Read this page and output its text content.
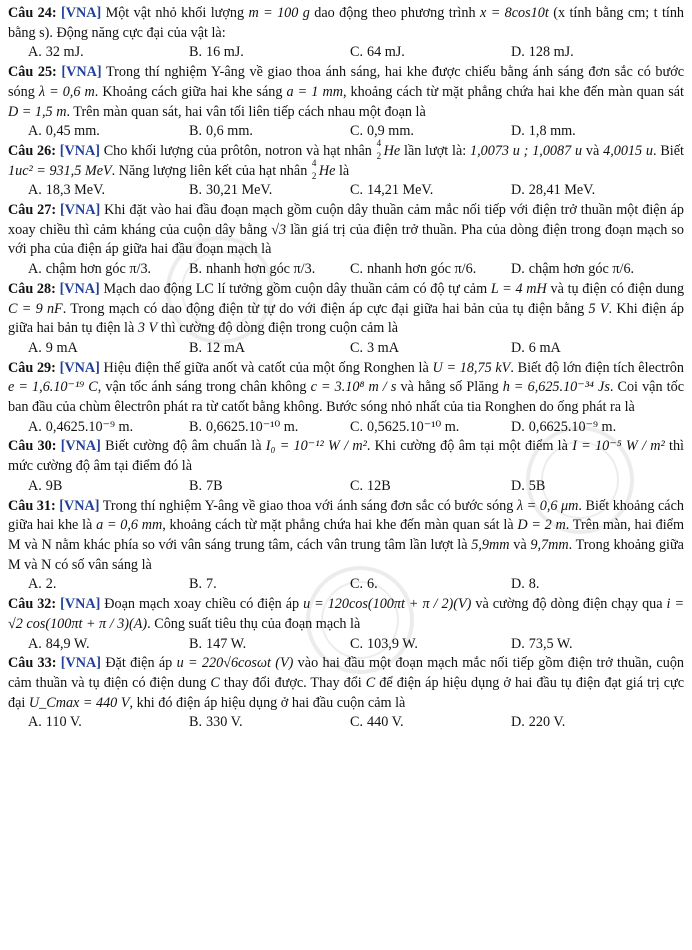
Câu 24: [VNA] Một vật nhỏ khối lượng m = 100 g dao động theo phương trình x = 8cos10t (x tính bằng cm; t tính bằng s). Động năng cực đại của vật là:

A. 32 mJ.	B. 16 mJ.	C. 64 mJ.	D. 128 mJ.

Câu 25: [VNA] Trong thí nghiệm Y-âng về giao thoa ánh sáng, hai khe được chiếu bằng ánh sáng đơn sắc có bước sóng λ = 0,6 m. Khoảng cách giữa hai khe sáng a = 1 mm, khoảng cách từ mặt phẳng chứa hai khe đến màn quan sát D = 1,5 m. Trên màn quan sát, hai vân tối liên tiếp cách nhau một đoạn là

A. 0,45 mm.	B. 0,6 mm.	C. 0,9 mm.	D. 1,8 mm.

Câu 26: [VNA] Cho khối lượng của prôtôn, notron và hạt nhân 4
2 He lần lượt là: 1,0073 u ; 1,0087 u và 4,0015 u. Biết 1uc² = 931,5 MeV. Năng lượng liên kết của hạt nhân 4
2 He là

A. 18,3 MeV.	B. 30,21 MeV.	C. 14,21 MeV.	D. 28,41 MeV.

Câu 27: [VNA] Khi đặt vào hai đầu đoạn mạch gồm cuộn dây thuần cảm mắc nối tiếp với điện trở thuần một điện áp xoay chiều thì cảm kháng của cuộn dây bằng √3 lần giá trị của điện trở thuần. Pha của dòng điện trong đoạn mạch so với pha của điện áp giữa hai đầu đoạn mạch là

A. chậm hơn góc π/3.	B. nhanh hơn góc π/3.	C. nhanh hơn góc π/6.	D. chậm hơn góc π/6.

Câu 28: [VNA] Mạch dao động LC lí tưởng gồm cuộn dây thuần cảm có độ tự cảm L = 4 mH và tụ điện có điện dung C = 9 nF. Trong mạch có dao động điện từ tự do với điện áp cực đại giữa hai bản của tụ điện bằng 5 V. Khi điện áp giữa hai bản tụ điện là 3 V thì cường độ dòng điện trong cuộn cảm là

A. 9 mA	B. 12 mA	C. 3 mA	D. 6 mA

Câu 29: [VNA] Hiệu điện thế giữa anốt và catốt của một ống Ronghen là U = 18,75 kV. Biết độ lớn điện tích êlectrôn e = 1,6.10⁻¹⁹ C, vận tốc ánh sáng trong chân không c = 3.10⁸ m / s và hằng số Plăng h = 6,625.10⁻³⁴ Js. Coi vận tốc ban đầu của chùm êlectrôn phát ra từ catốt bằng không. Bước sóng nhỏ nhất của tia Ronghen do ống phát ra là

A. 0,4625.10⁻⁹ m.	B. 0,6625.10⁻¹⁰ m.	C. 0,5625.10⁻¹⁰ m.	D. 0,6625.10⁻⁹ m.

Câu 30: [VNA] Biết cường độ âm chuẩn là I₀ = 10⁻¹² W / m². Khi cường độ âm tại một điểm là I = 10⁻⁵ W / m² thì mức cường độ âm tại điểm đó là

A. 9B	B. 7B	C. 12B	D. 5B

Câu 31: [VNA] Trong thí nghiệm Y-âng về giao thoa với ánh sáng đơn sắc có bước sóng λ = 0,6 μm. Biết khoảng cách giữa hai khe là a = 0,6 mm, khoảng cách từ mặt phẳng chứa hai khe đến màn quan sát là D = 2 m. Trên màn, hai điểm M và N nằm khác phía so với vân sáng trung tâm, cách vân trung tâm lần lượt là 5,9mm và 9,7mm. Trong khoảng giữa M và N có số vân sáng là

A. 2.	B. 7.	C. 6.	D. 8.

Câu 32: [VNA] Đoạn mạch xoay chiều có điện áp u = 120cos(100πt + π / 2)(V) và cường độ dòng điện chạy qua i = √2 cos(100πt + π / 3)(A). Công suất tiêu thụ của đoạn mạch là

A. 84,9 W.	B. 147 W.	C. 103,9 W.	D. 73,5 W.

Câu 33: [VNA] Đặt điện áp u = 220√6cosωt (V) vào hai đầu một đoạn mạch mắc nối tiếp gồm điện trở thuần, cuộn cảm thuần và tụ điện có điện dung C thay đổi được. Thay đổi C để điện áp hiệu dụng ở hai đầu tụ điện đạt giá trị cực đại U_Cmax = 440 V, khi đó điện áp hiệu dụng ở hai đầu cuộn cảm là

A. 110 V.	B. 330 V.	C. 440 V.	D. 220 V.
